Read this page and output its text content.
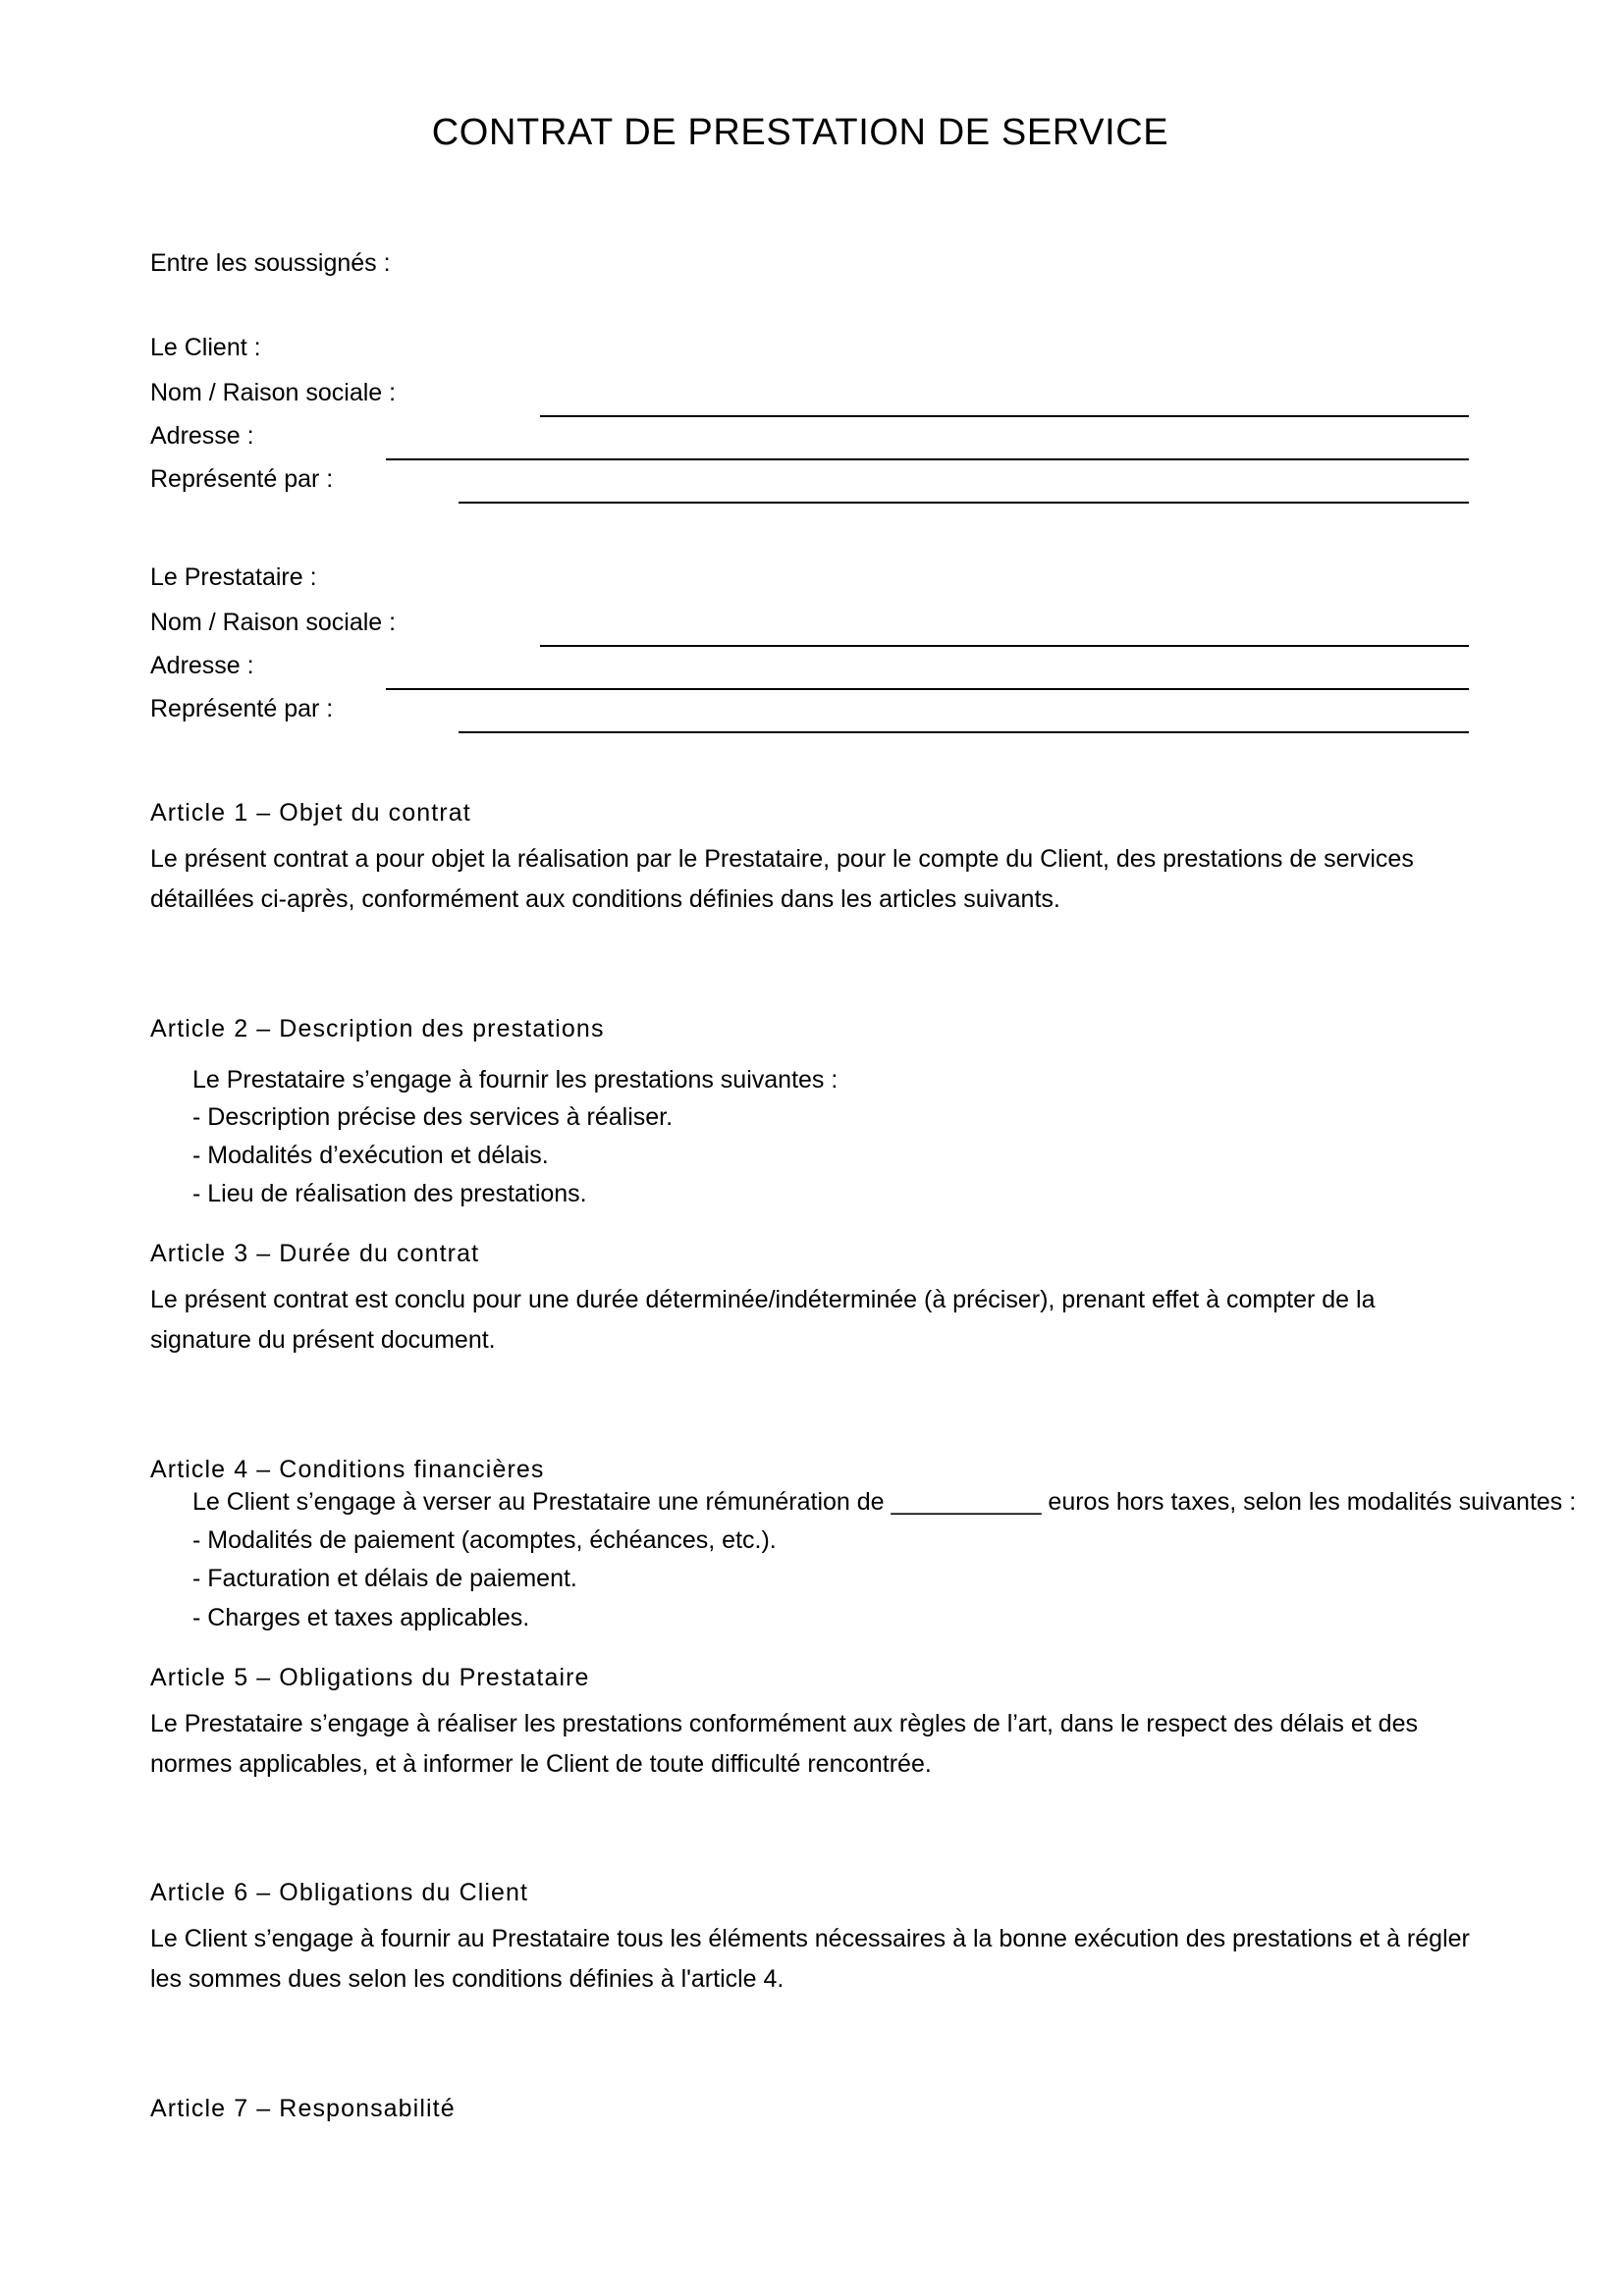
CONTRAT DE PRESTATION DE SERVICE
Entre les soussignés :
Le Client :
Nom / Raison sociale :
Adresse :
Représenté par :
Le Prestataire :
Nom / Raison sociale :
Adresse :
Représenté par :
Article 1 – Objet du contrat
Le présent contrat a pour objet la réalisation par le Prestataire, pour le compte du Client, des prestations de services détaillées ci-après, conformément aux conditions définies dans les articles suivants.
Article 2 – Description des prestations
Le Prestataire s’engage à fournir les prestations suivantes :
- Description précise des services à réaliser.
- Modalités d’exécution et délais.
- Lieu de réalisation des prestations.
Article 3 – Durée du contrat
Le présent contrat est conclu pour une durée déterminée/indéterminée (à préciser), prenant effet à compter de la signature du présent document.
Article 4 – Conditions financières
Le Client s’engage à verser au Prestataire une rémunération de ___________ euros hors taxes, selon les modalités suivantes :
- Modalités de paiement (acomptes, échéances, etc.).
- Facturation et délais de paiement.
- Charges et taxes applicables.
Article 5 – Obligations du Prestataire
Le Prestataire s’engage à réaliser les prestations conformément aux règles de l’art, dans le respect des délais et des normes applicables, et à informer le Client de toute difficulté rencontrée.
Article 6 – Obligations du Client
Le Client s’engage à fournir au Prestataire tous les éléments nécessaires à la bonne exécution des prestations et à régler les sommes dues selon les conditions définies à l'article 4.
Article 7 – Responsabilité
